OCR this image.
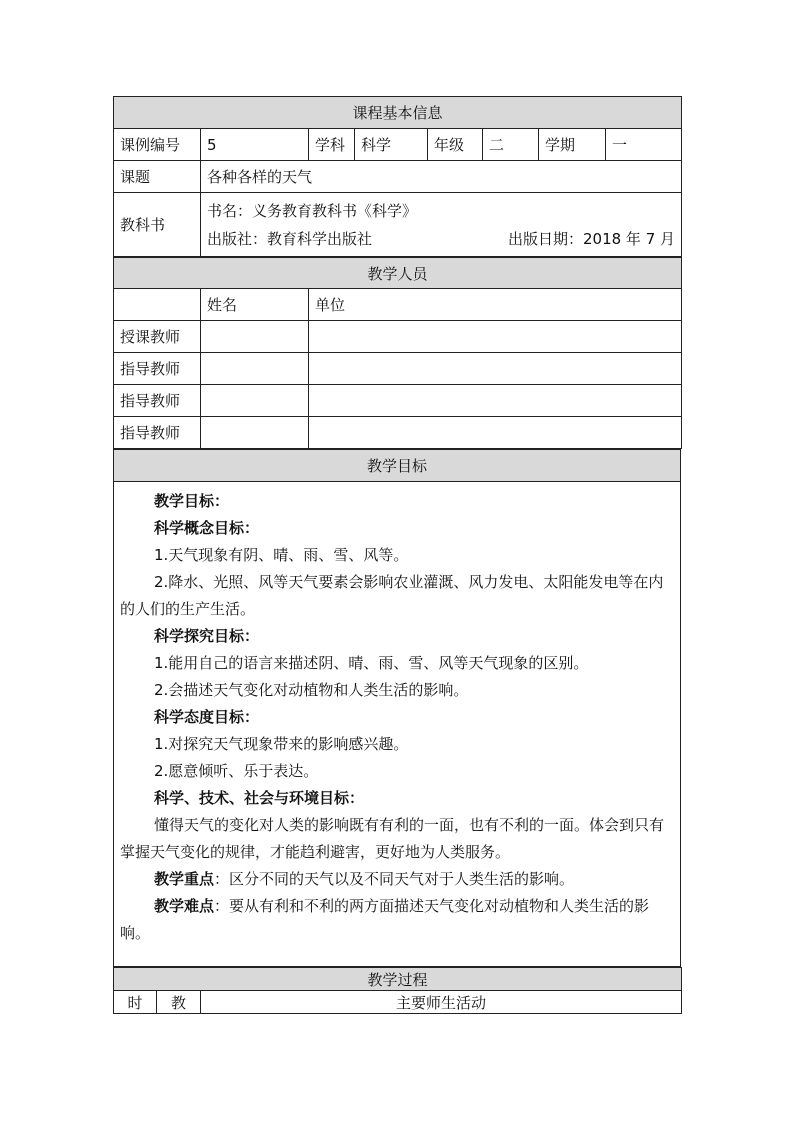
课程基本信息							
课例编号	5	学科	科学	年级	二	学期	一
课题	各种各样的天气						
教科书	书名：义务教育教科书《科学》
出版社：教育科学出版社 出版日期：2018 年 7 月						
教学人员		
	姓名	单位
授课教师		
指导教师		
指导教师		
指导教师		
教学目标

教学目标：

科学概念目标：

1.天气现象有阴、晴、雨、雪、风等。

2.降水、光照、风等天气要素会影响农业灌溉、风力发电、太阳能发电等在内的人们的生产生活。

科学探究目标：

1.能用自己的语言来描述阴、晴、雨、雪、风等天气现象的区别。

2.会描述天气变化对动植物和人类生活的影响。

科学态度目标：

1.对探究天气现象带来的影响感兴趣。

2.愿意倾听、乐于表达。

科学、技术、社会与环境目标：

懂得天气的变化对人类的影响既有有利的一面，也有不利的一面。体会到只有掌握天气变化的规律，才能趋利避害，更好地为人类服务。

教学重点：区分不同的天气以及不同天气对于人类生活的影响。

教学难点：要从有利和不利的两方面描述天气变化对动植物和人类生活的影响。

教学过程
时	教	主要师生活动
